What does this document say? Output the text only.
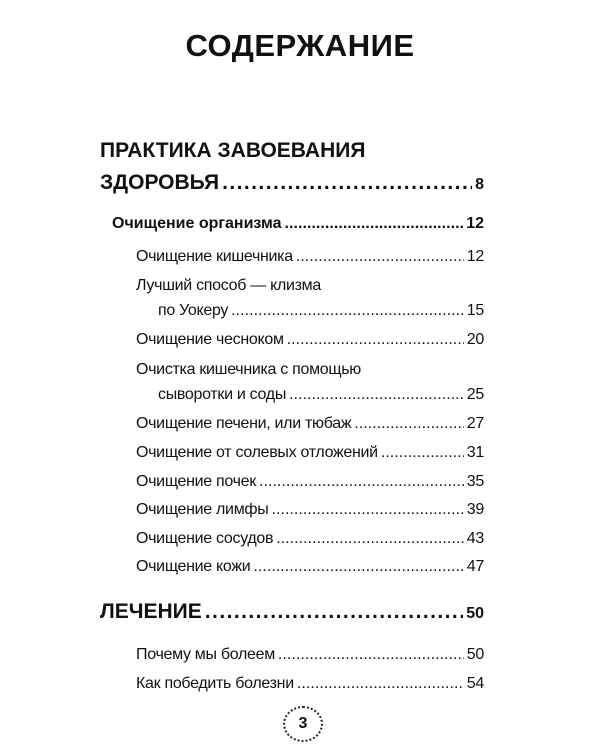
СОДЕРЖАНИЕ
ПРАКТИКА ЗАВОЕВАНИЯ
ЗДОРОВЬЯ . . .	8
Очищение организма . . .	12
Очищение кишечника . . .	12
Лучший способ — клизма
по Уокеру . . .	15
Очищение чесноком . . .	20
Очистка кишечника с помощью
сыворотки и соды . . .	25
Очищение печени, или тюбаж . . .	27
Очищение от солевых отложений . . .	31
Очищение почек . . .	35
Очищение лимфы . . .	39
Очищение сосудов . . .	43
Очищение кожи . . .	47
ЛЕЧЕНИЕ . . .	50
Почему мы болеем . . .	50
Как победить болезни . . .	54
3
